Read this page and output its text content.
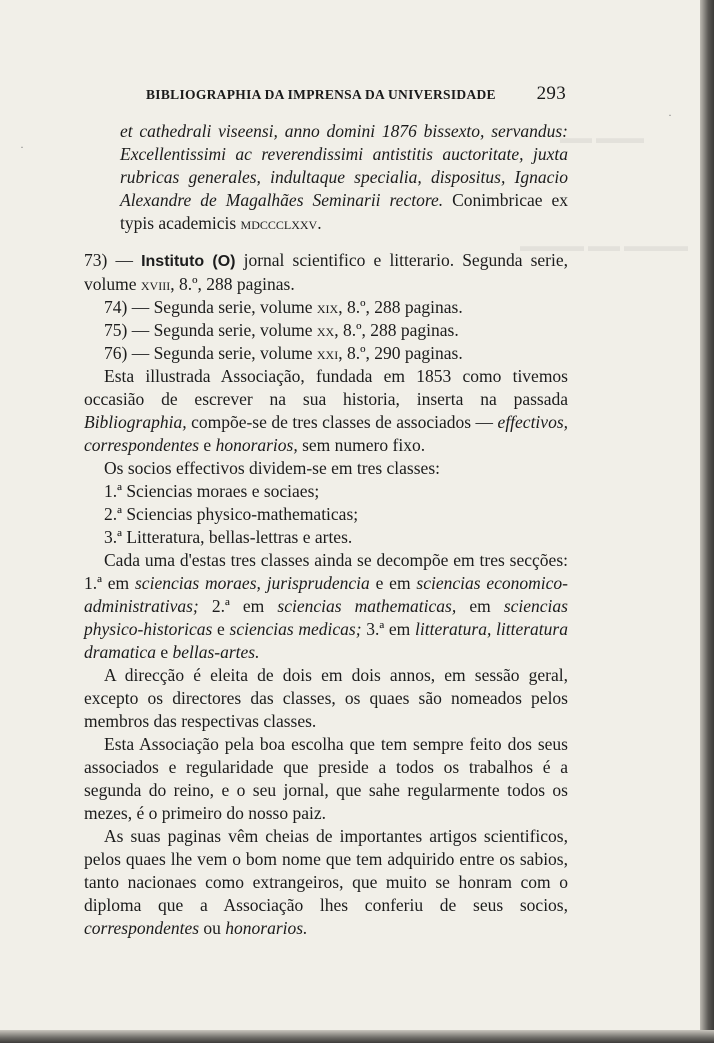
▬▬▬ ▬▬
▬▬▬▬ ▬▬ ▬▬▬▬
·
·
BIBLIOGRAPHIA DA IMPRENSA DA UNIVERSIDADE 293

et cathedrali viseensi, anno domini 1876 bissexto, servandus: Excellentissimi ac reverendissimi antistitis auctoritate, juxta rubricas generales, indultaque specialia, dispositus, Ignacio Alexandre de Magalhães Seminarii rectore. Conimbricae ex typis academicis mdccclxxv.

73) — Instituto (O) jornal scientifico e litterario. Segunda serie, volume xviii, 8.º, 288 paginas.

74) — Segunda serie, volume xix, 8.º, 288 paginas.

75) — Segunda serie, volume xx, 8.º, 288 paginas.

76) — Segunda serie, volume xxi, 8.º, 290 paginas.

Esta illustrada Associação, fundada em 1853 como tivemos occasião de escrever na sua historia, inserta na passada Bibliographia, compõe-se de tres classes de associados — effectivos, correspondentes e honorarios, sem numero fixo.

Os socios effectivos dividem-se em tres classes:

1.ª Sciencias moraes e sociaes;

2.ª Sciencias physico-mathematicas;

3.ª Litteratura, bellas-lettras e artes.

Cada uma d'estas tres classes ainda se decompõe em tres secções: 1.ª em sciencias moraes, jurisprudencia e em sciencias economico-administrativas; 2.ª em sciencias mathematicas, em sciencias physico-historicas e sciencias medicas; 3.ª em litteratura, litteratura dramatica e bellas-artes.

A direcção é eleita de dois em dois annos, em sessão geral, excepto os directores das classes, os quaes são nomeados pelos membros das respectivas classes.

Esta Associação pela boa escolha que tem sempre feito dos seus associados e regularidade que preside a todos os trabalhos é a segunda do reino, e o seu jornal, que sahe regularmente todos os mezes, é o primeiro do nosso paiz.

As suas paginas vêm cheias de importantes artigos scientificos, pelos quaes lhe vem o bom nome que tem adquirido entre os sabios, tanto nacionaes como extrangeiros, que muito se honram com o diploma que a Associação lhes conferiu de seus socios, correspondentes ou honorarios.
